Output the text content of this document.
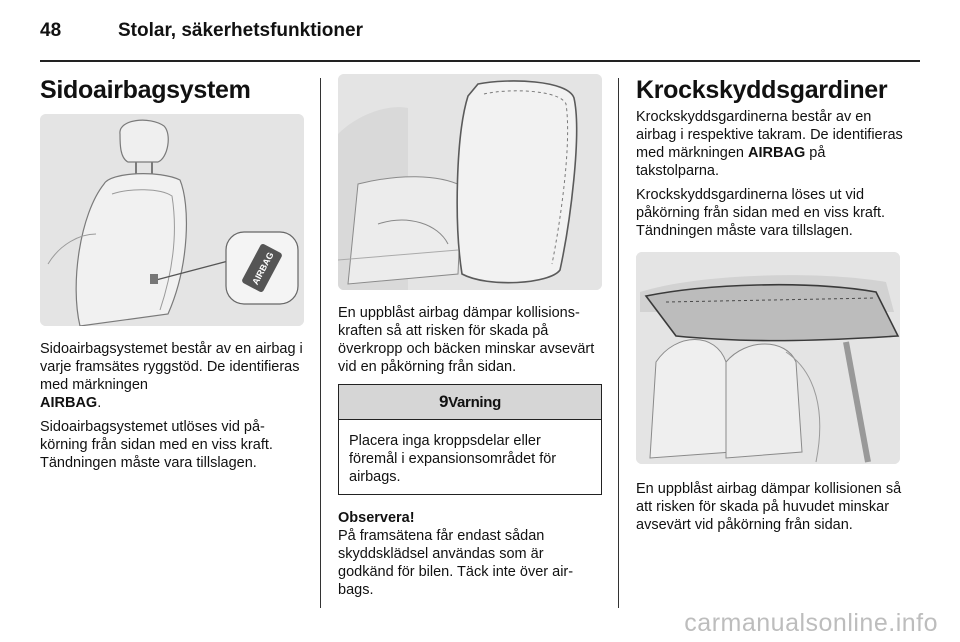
48	Stolar, säkerhetsfunktioner
Sidoairbagsystem
AIRBAG

Sidoairbagsystemet består av en airbag i varje framsätes ryggstöd. De identifieras med märkningen
AIRBAG.

Sidoairbagsystemet utlöses vid påkörning från sidan med en viss kraft. Tändningen måste vara tillslagen.

En uppblåst airbag dämpar kollisionskraften så att risken för skada på överkropp och bäcken minskar avsevärt vid en påkörning från sidan.

9Varning

Placera inga kroppsdelar eller föremål i expansionsområdet för airbags.

Observera!

På framsätena får endast sådan skyddsklädsel användas som är godkänd för bilen. Täck inte över airbags.

Krockskyddsgardiner

Krockskyddsgardinerna består av en airbag i respektive takram. De identifieras med märkningen AIRBAG på takstolparna.

Krockskyddsgardinerna löses ut vid påkörning från sidan med en viss kraft. Tändningen måste vara tillslagen.

En uppblåst airbag dämpar kollisionen så att risken för skada på huvudet minskar avsevärt vid påkörning från sidan.

carmanualsonline.info
